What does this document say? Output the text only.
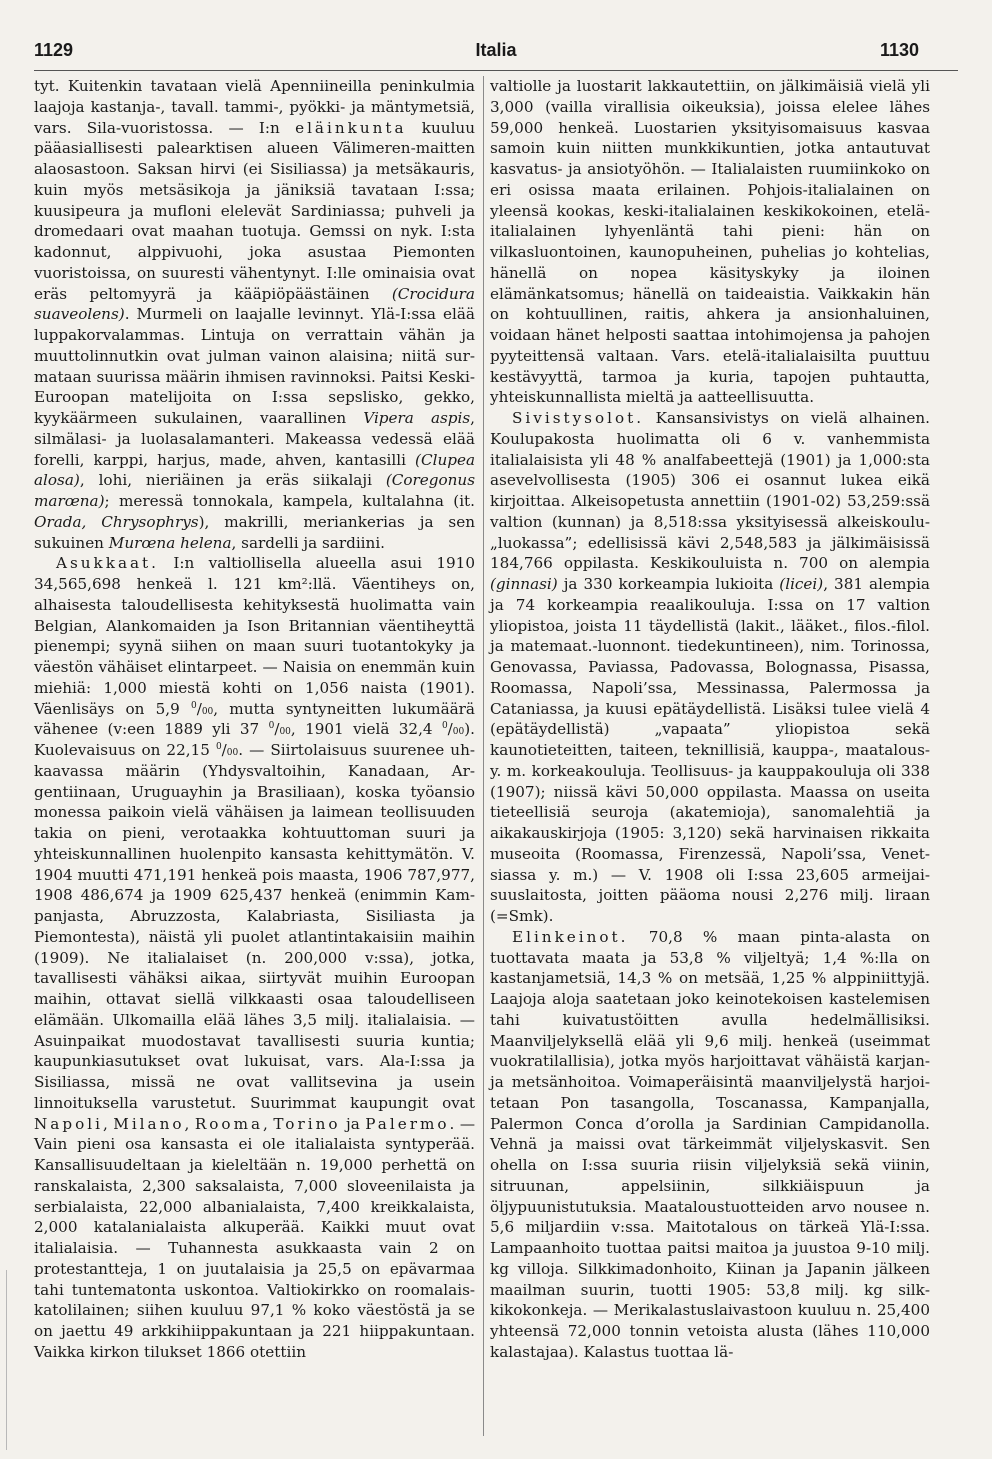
1129	Italia	1130

tyt. Kuitenkin tavataan vielä Apenniineilla peninkulmia laajoja kastanja-, tavall. tammi-, pyökki- ja mäntymetsiä, vars. Sila-vuoristossa. — I:n eläinkunta kuuluu pääasiallisesti palearktisen alueen Välimeren-maitten alaosastoon. Saksan hirvi (ei Sisiliassa) ja metsäkauris, kuin myös metsäsikoja ja jäniksiä tavataan I:ssa; kuusipeura ja mufloni elelevät Sardiniassa; puhveli ja dromedaari ovat maahan tuotuja. Gemssi on nyk. I:sta kadonnut, alppivuohi, joka asustaa Piemonten vuoristoissa, on suuresti vähentynyt. I:lle ominaisia ovat eräs peltomyyrä ja kääpiöpäästäinen (Crocidura suaveolens). Murmeli on laajalle levinnyt. Ylä-I:ssa elää luppakorvalammas. Lintuja on verrattain vähän ja muuttolinnutkin ovat julman vainon alaisina; niitä surmataan suurissa määrin ihmisen ravinnoksi. Paitsi Keski-Euroopan matelijoita on I:ssa sepslisko, gekko, kyykäärmeen sukulainen, vaarallinen Vipera aspis, silmälasi- ja luolasalamanteri. Makeassa vedessä elää forelli, karppi, harjus, made, ahven, kantasilli (Clupea alosa), lohi, nieriäinen ja eräs siikalaji (Coregonus marœna); meressä tonnokala, kampela, kultalahna (it. Orada, Chrysophrys), makrilli, meriankerias ja sen sukuinen Murœna helena, sardelli ja sardiini.

Asukkaat. I:n valtiollisella alueella asui 1910 34,565,698 henkeä l. 121 km²:llä. Väentiheys on, alhaisesta taloudellisesta kehityksestä huolimatta vain Belgian, Alankomaiden ja Ison Britannian väentiheyttä pienempi; syynä siihen on maan suuri tuotantokyky ja väestön vähäiset elintarpeet. — Naisia on enemmän kuin miehiä: 1,000 miestä kohti on 1,056 naista (1901). Väenlisäys on 5,9 $^0$/00, mutta syntyneitten lukumäärä vähenee (v:een 1889 yli 37 $^0$/00, 1901 vielä 32,4 $^0$/00). Kuolevaisuus on 22,15 $^0$/00. — Siirtolaisuus suurenee uhkaavassa määrin (Yhdysvaltoihin, Kanadaan, Argentiinaan, Uruguayhin ja Brasiliaan), koska työansio monessa paikoin vielä vähäisen ja laimean teollisuuden takia on pieni, verotaakka kohtuuttoman suuri ja yhteiskunnallinen huolenpito kansasta kehittymätön. V. 1904 muutti 471,191 henkeä pois maasta, 1906 787,977, 1908 486,674 ja 1909 625,437 henkeä (enimmin Kampanjasta, Abruzzosta, Kalabriasta, Sisiliasta ja Piemontesta), näistä yli puolet atlantintakaisiin maihin (1909). Ne italialaiset (n. 200,000 v:ssa), jotka, tavallisesti vähäksi aikaa, siirtyvät muihin Euroopan maihin, ottavat siellä vilkkaasti osaa taloudelliseen elämään. Ulkomailla elää lähes 3,5 milj. italialaisia. — Asuinpaikat muodostavat tavallisesti suuria kuntia; kaupunkiasutukset ovat lukuisat, vars. Ala-I:ssa ja Sisiliassa, missä ne ovat vallitsevina ja usein linnoituksella varustetut. Suurimmat kaupungit ovat Napoli, Milano, Rooma, Torino ja Palermo. — Vain pieni osa kansasta ei ole italialaista syntyperää. Kansallisuudeltaan ja kieleltään n. 19,000 perhettä on ranskalaista, 2,300 saksalaista, 7,000 sloveenilaista ja serbialaista, 22,000 albanialaista, 7,400 kreikkalaista, 2,000 katalanialaista alkuperää. Kaikki muut ovat italialaisia. — Tuhannesta asukkaasta vain 2 on protestantteja, 1 on juutalaisia ja 25,5 on epävarmaa tahi tuntematonta uskontoa. Valtiokirkko on roomalais-katolilainen; siihen kuuluu 97,1 % koko väestöstä ja se on jaettu 49 arkkihiippakuntaan ja 221 hiippakuntaan. Vaikka kirkon tilukset 1866 otettiin

valtiolle ja luostarit lakkautettiin, on jälkimäisiä vielä yli 3,000 (vailla virallisia oikeuksia), joissa elelee lähes 59,000 henkeä. Luostarien yksityisomaisuus kasvaa samoin kuin niitten munkkikuntien, jotka antautuvat kasvatus- ja ansiotyöhön. — Italialaisten ruumiinkoko on eri osissa maata erilainen. Pohjois-italialainen on yleensä kookas, keski-italialainen keskikokoinen, etelä-italialainen lyhyenläntä tahi pieni: hän on vilkasluontoinen, kaunopuheinen, puhelias jo kohtelias, hänellä on nopea käsityskyky ja iloinen elämänkatsomus; hänellä on taideaistia. Vaikkakin hän on kohtuullinen, raitis, ahkera ja ansionhaluinen, voidaan hänet helposti saattaa intohimojensa ja pahojen pyyteittensä valtaan. Vars. etelä-italialaisilta puuttuu kestävyyttä, tarmoa ja kuria, tapojen puhtautta, yhteiskunnallista mieltä ja aatteellisuutta.

Sivistysolot. Kansansivistys on vielä alhainen. Koulupakosta huolimatta oli 6 v. vanhemmista italialaisista yli 48 % analfabeettejä (1901) ja 1,000:sta asevelvollisesta (1905) 306 ei osannut lukea eikä kirjoittaa. Alkeisopetusta annettiin (1901-02) 53,259:ssä valtion (kunnan) ja 8,518:ssa yksityisessä alkeiskoulu-„luokassa”; edellisissä kävi 2,548,583 ja jälkimäisissä 184,766 oppilasta. Keskikouluista n. 700 on alempia (ginnasi) ja 330 korkeampia lukioita (licei), 381 alempia ja 74 korkeampia reaalikouluja. I:ssa on 17 valtion yliopistoa, joista 11 täydellistä (lakit., lääket., filos.-filol. ja matemaat.-luonnont. tiedekuntineen), nim. Torinossa, Genovassa, Paviassa, Padovassa, Bolognassa, Pisassa, Roomassa, Napoli’ssa, Messinassa, Palermossa ja Cataniassa, ja kuusi epätäydellistä. Lisäksi tulee vielä 4 (epätäydellistä) „vapaata” yliopistoa sekä kaunotieteitten, taiteen, teknillisiä, kauppa-, maatalous- y. m. korkeakouluja. Teollisuus- ja kauppakouluja oli 338 (1907); niissä kävi 50,000 oppilasta. Maassa on useita tieteellisiä seuroja (akatemioja), sanomalehtiä ja aikakauskirjoja (1905: 3,120) sekä harvinaisen rikkaita museoita (Roomassa, Firenzessä, Napoli’ssa, Venetsiassa y. m.) — V. 1908 oli I:ssa 23,605 armeijaisuuslaitosta, joitten pääoma nousi 2,276 milj. liraan (=Smk).

Elinkeinot. 70,8 % maan pinta-alasta on tuottavata maata ja 53,8 % viljeltyä; 1,4 %:lla on kastanjametsiä, 14,3 % on metsää, 1,25 % alppiniittyjä. Laajoja aloja saatetaan joko keinotekoisen kastelemisen tahi kuivatustöitten avulla hedelmällisiksi. Maanviljelyksellä elää yli 9,6 milj. henkeä (useimmat vuokratilallisia), jotka myös harjoittavat vähäistä karjan- ja metsänhoitoa. Voimaperäisintä maanviljelystä harjoitetaan Pon tasangolla, Toscanassa, Kampanjalla, Palermon Conca d’orolla ja Sardinian Campidanolla. Vehnä ja maissi ovat tärkeimmät viljelyskasvit. Sen ohella on I:ssa suuria riisin viljelyksiä sekä viinin, sitruunan, appelsiinin, silkkiäispuun ja öljypuunistutuksia. Maataloustuotteiden arvo nousee n. 5,6 miljardiin v:ssa. Maitotalous on tärkeä Ylä-I:ssa. Lampaanhoito tuottaa paitsi maitoa ja juustoa 9-10 milj. kg villoja. Silkkimadonhoito, Kiinan ja Japanin jälkeen maailman suurin, tuotti 1905: 53,8 milj. kg silkkikokonkeja. — Merikalastuslaivastoon kuuluu n. 25,400 yhteensä 72,000 tonnin vetoista alusta (lähes 110,000 kalastajaa). Kalastus tuottaa lä-
